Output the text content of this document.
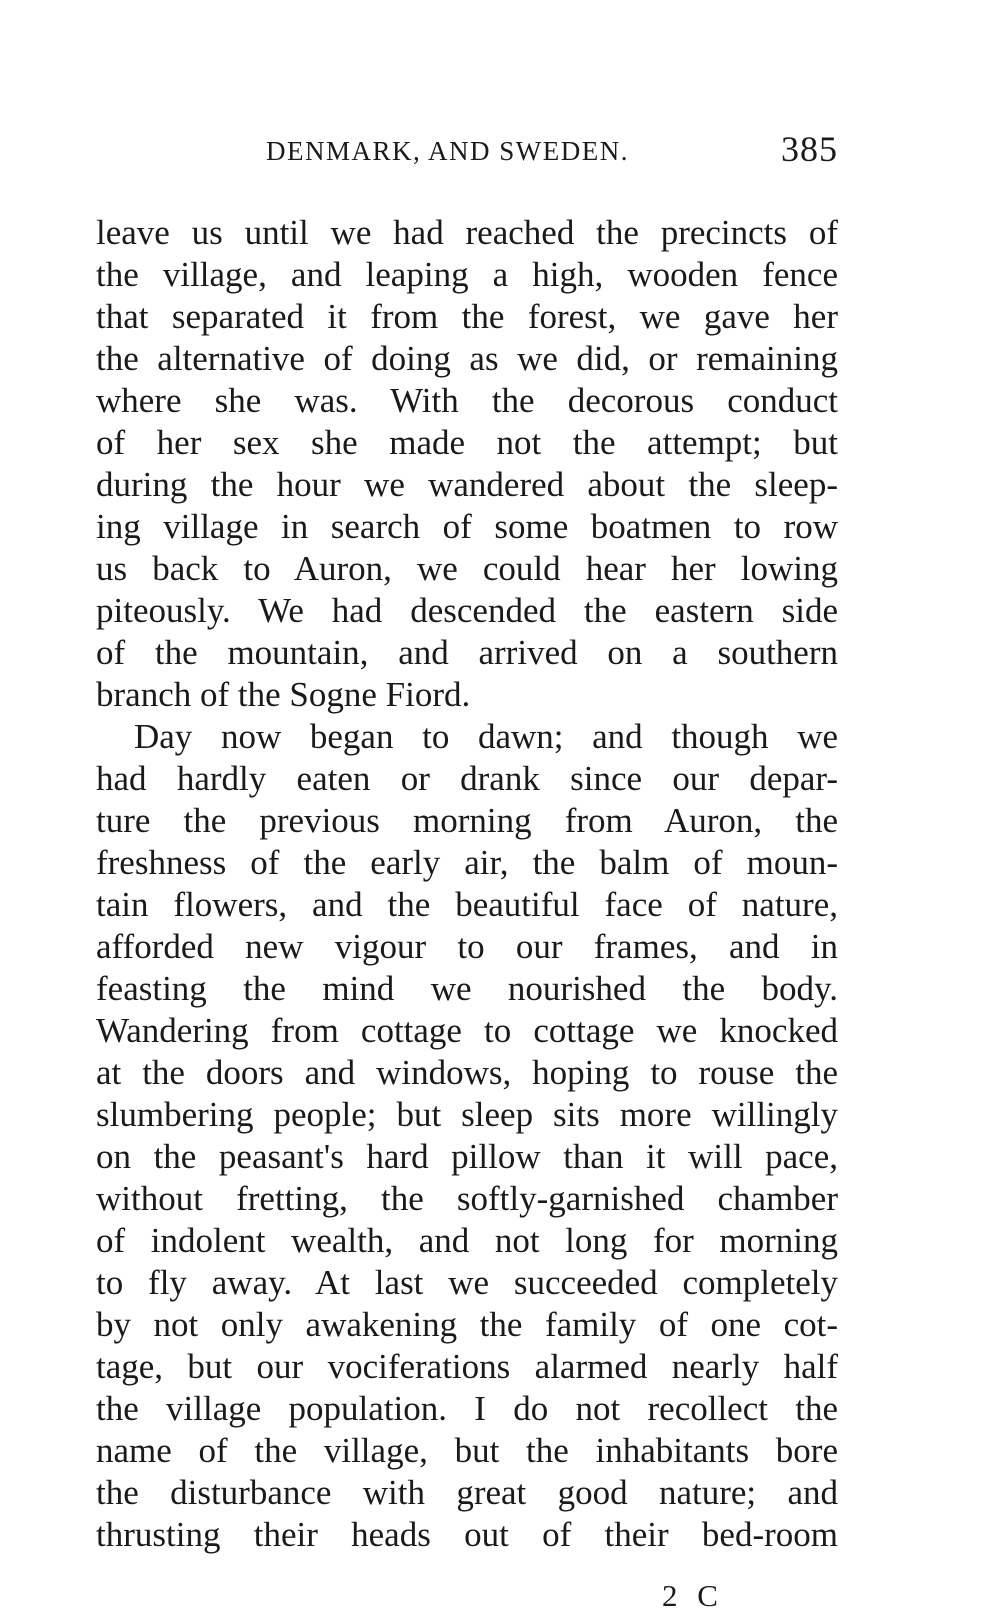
DENMARK, AND SWEDEN.	385
leave us until we had reached the precincts of
the village, and leaping a high, wooden fence
that separated it from the forest, we gave her
the alternative of doing as we did, or remaining
where she was. With the decorous conduct
of her sex she made not the attempt; but
during the hour we wandered about the sleep-
ing village in search of some boatmen to row
us back to Auron, we could hear her lowing
piteously. We had descended the eastern side
of the mountain, and arrived on a southern
branch of the Sogne Fiord.
Day now began to dawn; and though we
had hardly eaten or drank since our depar-
ture the previous morning from Auron, the
freshness of the early air, the balm of moun-
tain flowers, and the beautiful face of nature,
afforded new vigour to our frames, and in
feasting the mind we nourished the body.
Wandering from cottage to cottage we knocked
at the doors and windows, hoping to rouse the
slumbering people; but sleep sits more willingly
on the peasant's hard pillow than it will pace,
without fretting, the softly-garnished chamber
of indolent wealth, and not long for morning
to fly away. At last we succeeded completely
by not only awakening the family of one cot-
tage, but our vociferations alarmed nearly half
the village population. I do not recollect the
name of the village, but the inhabitants bore
the disturbance with great good nature; and
thrusting their heads out of their bed-room
2 C
